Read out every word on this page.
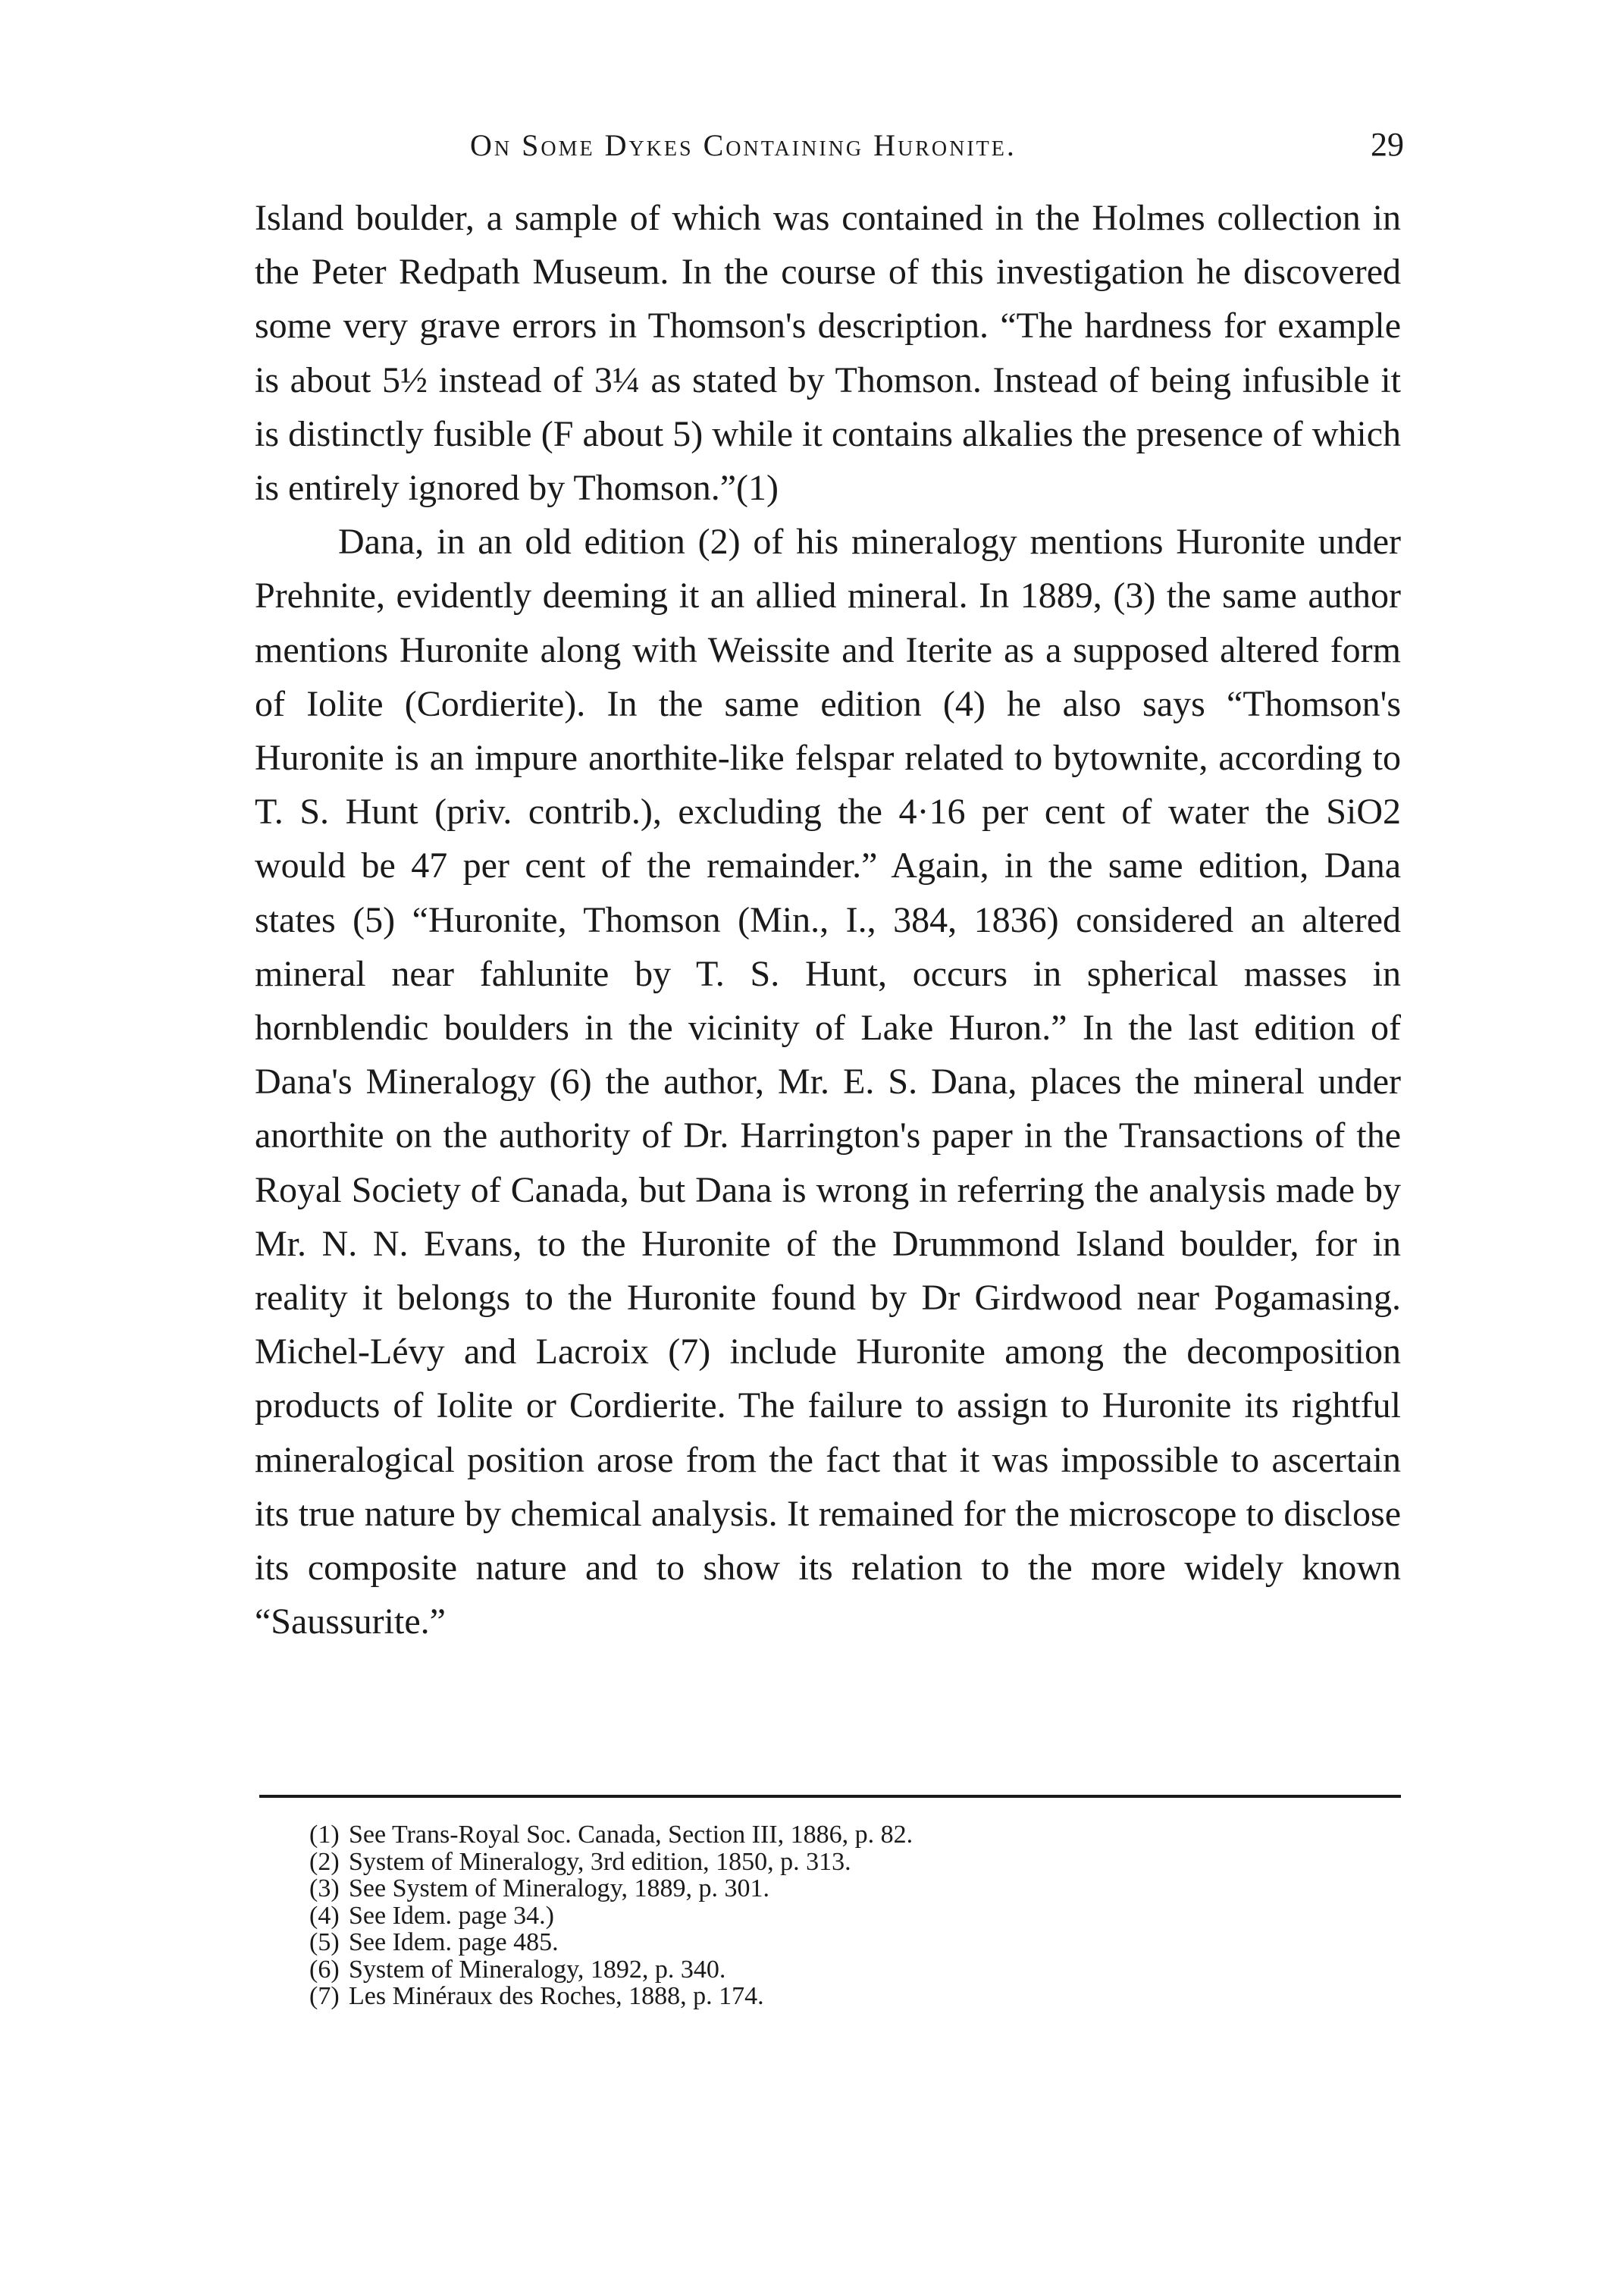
On Some Dykes Containing Huronite.	29

Island boulder, a sample of which was contained in the Holmes collection in the Peter Redpath Museum. In the course of this investigation he discovered some very grave errors in Thomson's description. “The hardness for example is about 5½ instead of 3¼ as stated by Thomson. Instead of being infusible it is distinctly fusible (F about 5) while it contains alkalies the presence of which is entirely ignored by Thomson.”(1)

Dana, in an old edition (2) of his mineralogy mentions Huronite under Prehnite, evidently deeming it an allied mineral. In 1889, (3) the same author mentions Huronite along with Weissite and Iterite as a supposed altered form of Iolite (Cordierite). In the same edition (4) he also says “Thomson's Huronite is an impure anorthite-like felspar related to bytownite, according to T. S. Hunt (priv. contrib.), excluding the 4·16 per cent of water the SiO2 would be 47 per cent of the remainder.” Again, in the same edition, Dana states (5) “Huronite, Thomson (Min., I., 384, 1836) considered an altered mineral near fahlunite by T. S. Hunt, occurs in spherical masses in hornblendic boulders in the vicinity of Lake Huron.” In the last edition of Dana's Mineralogy (6) the author, Mr. E. S. Dana, places the mineral under anorthite on the authority of Dr. Harrington's paper in the Transactions of the Royal Society of Canada, but Dana is wrong in referring the analysis made by Mr. N. N. Evans, to the Huronite of the Drummond Island boulder, for in reality it belongs to the Huronite found by Dr Girdwood near Pogamasing. Michel-Lévy and Lacroix (7) include Huronite among the decomposition products of Iolite or Cordierite. The failure to assign to Huronite its rightful mineralogical position arose from the fact that it was impossible to ascertain its true nature by chemical analysis. It remained for the microscope to disclose its composite nature and to show its relation to the more widely known “Saussurite.”

(1) See Trans-Royal Soc. Canada, Section III, 1886, p. 82.
(2) System of Mineralogy, 3rd edition, 1850, p. 313.
(3) See System of Mineralogy, 1889, p. 301.
(4) See Idem. page 34.)
(5) See Idem. page 485.
(6) System of Mineralogy, 1892, p. 340.
(7) Les Minéraux des Roches, 1888, p. 174.
